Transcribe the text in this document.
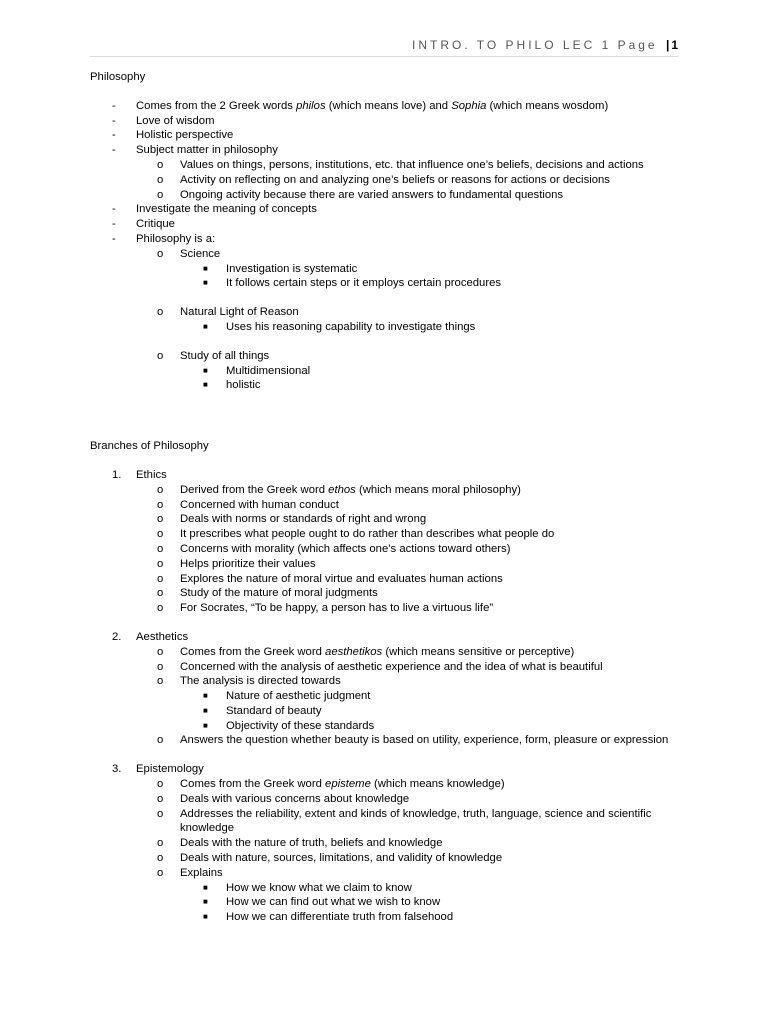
INTRO. TO PHILO LEC 1 Page | 1

Philosophy

- Comes from the 2 Greek words philos (which means love) and Sophia (which means wosdom)
- Love of wisdom
- Holistic perspective
- Subject matter in philosophy
o Values on things, persons, institutions, etc. that influence one’s beliefs, decisions and actions
o Activity on reflecting on and analyzing one’s beliefs or reasons for actions or decisions
o Ongoing activity because there are varied answers to fundamental questions
- Investigate the meaning of concepts
- Critique
- Philosophy is a:
o Science
■ Investigation is systematic
■ It follows certain steps or it employs certain procedures
o Natural Light of Reason
■ Uses his reasoning capability to investigate things
o Study of all things
■ Multidimensional
■ holistic

Branches of Philosophy

1. Ethics
o Derived from the Greek word ethos (which means moral philosophy)
o Concerned with human conduct
o Deals with norms or standards of right and wrong
o It prescribes what people ought to do rather than describes what people do
o Concerns with morality (which affects one’s actions toward others)
o Helps prioritize their values
o Explores the nature of moral virtue and evaluates human actions
o Study of the mature of moral judgments
o For Socrates, “To be happy, a person has to live a virtuous life”
2. Aesthetics
o Comes from the Greek word aesthetikos (which means sensitive or perceptive)
o Concerned with the analysis of aesthetic experience and the idea of what is beautiful
o The analysis is directed towards
■ Nature of aesthetic judgment
■ Standard of beauty
■ Objectivity of these standards
o Answers the question whether beauty is based on utility, experience, form, pleasure or expression
3. Epistemology
o Comes from the Greek word episteme (which means knowledge)
o Deals with various concerns about knowledge
o Addresses the reliability, extent and kinds of knowledge, truth, language, science and scientific knowledge
o Deals with the nature of truth, beliefs and knowledge
o Deals with nature, sources, limitations, and validity of knowledge
o Explains
■ How we know what we claim to know
■ How we can find out what we wish to know
■ How we can differentiate truth from falsehood
